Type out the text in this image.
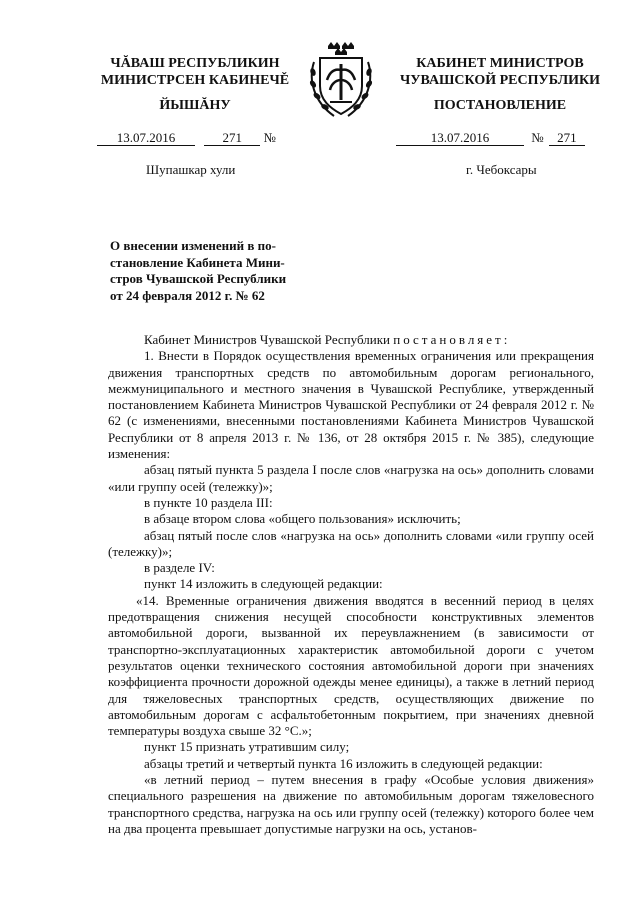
ЧĂВАШ РЕСПУБЛИКИН
МИНИСТРСЕН КАБИНЕЧĚ
ЙЫШĂНУ
КАБИНЕТ МИНИСТРОВ
ЧУВАШСКОЙ РЕСПУБЛИКИ
ПОСТАНОВЛЕНИЕ
13.07.2016	271 №	13.07.2016	№ 271
Шупашкар хули	г. Чебоксары
О внесении изменений в по-
становление Кабинета Мини-
стров Чувашской Республики
от 24 февраля 2012 г. № 62

Кабинет Министров Чувашской Республики постановляет:

1. Внести в Порядок осуществления временных ограничения или прекращения движения транспортных средств по автомобильным дорогам регионального, межмуниципального и местного значения в Чувашской Республике, утвержденный постановлением Кабинета Министров Чувашской Республики от 24 февраля 2012 г. № 62 (с изменениями, внесенными постановлениями Кабинета Министров Чувашской Республики от 8 апреля 2013 г. № 136, от 28 октября 2015 г. № 385), следующие изменения:

абзац пятый пункта 5 раздела I после слов «нагрузка на ось» дополнить словами «или группу осей (тележку)»;

в пункте 10 раздела III:

в абзаце втором слова «общего пользования» исключить;

абзац пятый после слов «нагрузка на ось» дополнить словами «или группу осей (тележку)»;

в разделе IV:

пункт 14 изложить в следующей редакции:

«14. Временные ограничения движения вводятся в весенний период в целях предотвращения снижения несущей способности конструктивных элементов автомобильной дороги, вызванной их переувлажнением (в зависимости от транспортно-эксплуатационных характеристик автомобильной дороги с учетом результатов оценки технического состояния автомобильной дороги при значениях коэффициента прочности дорожной одежды менее единицы), а также в летний период для тяжеловесных транспортных средств, осуществляющих движение по автомобильным дорогам с асфальтобетонным покрытием, при значениях дневной температуры воздуха свыше 32 °С.»;

пункт 15 признать утратившим силу;

абзацы третий и четвертый пункта 16 изложить в следующей редакции:

«в летний период – путем внесения в графу «Особые условия движения» специального разрешения на движение по автомобильным дорогам тяжеловесного транспортного средства, нагрузка на ось или группу осей (тележку) которого более чем на два процента превышает допустимые нагрузки на ось, установ-
